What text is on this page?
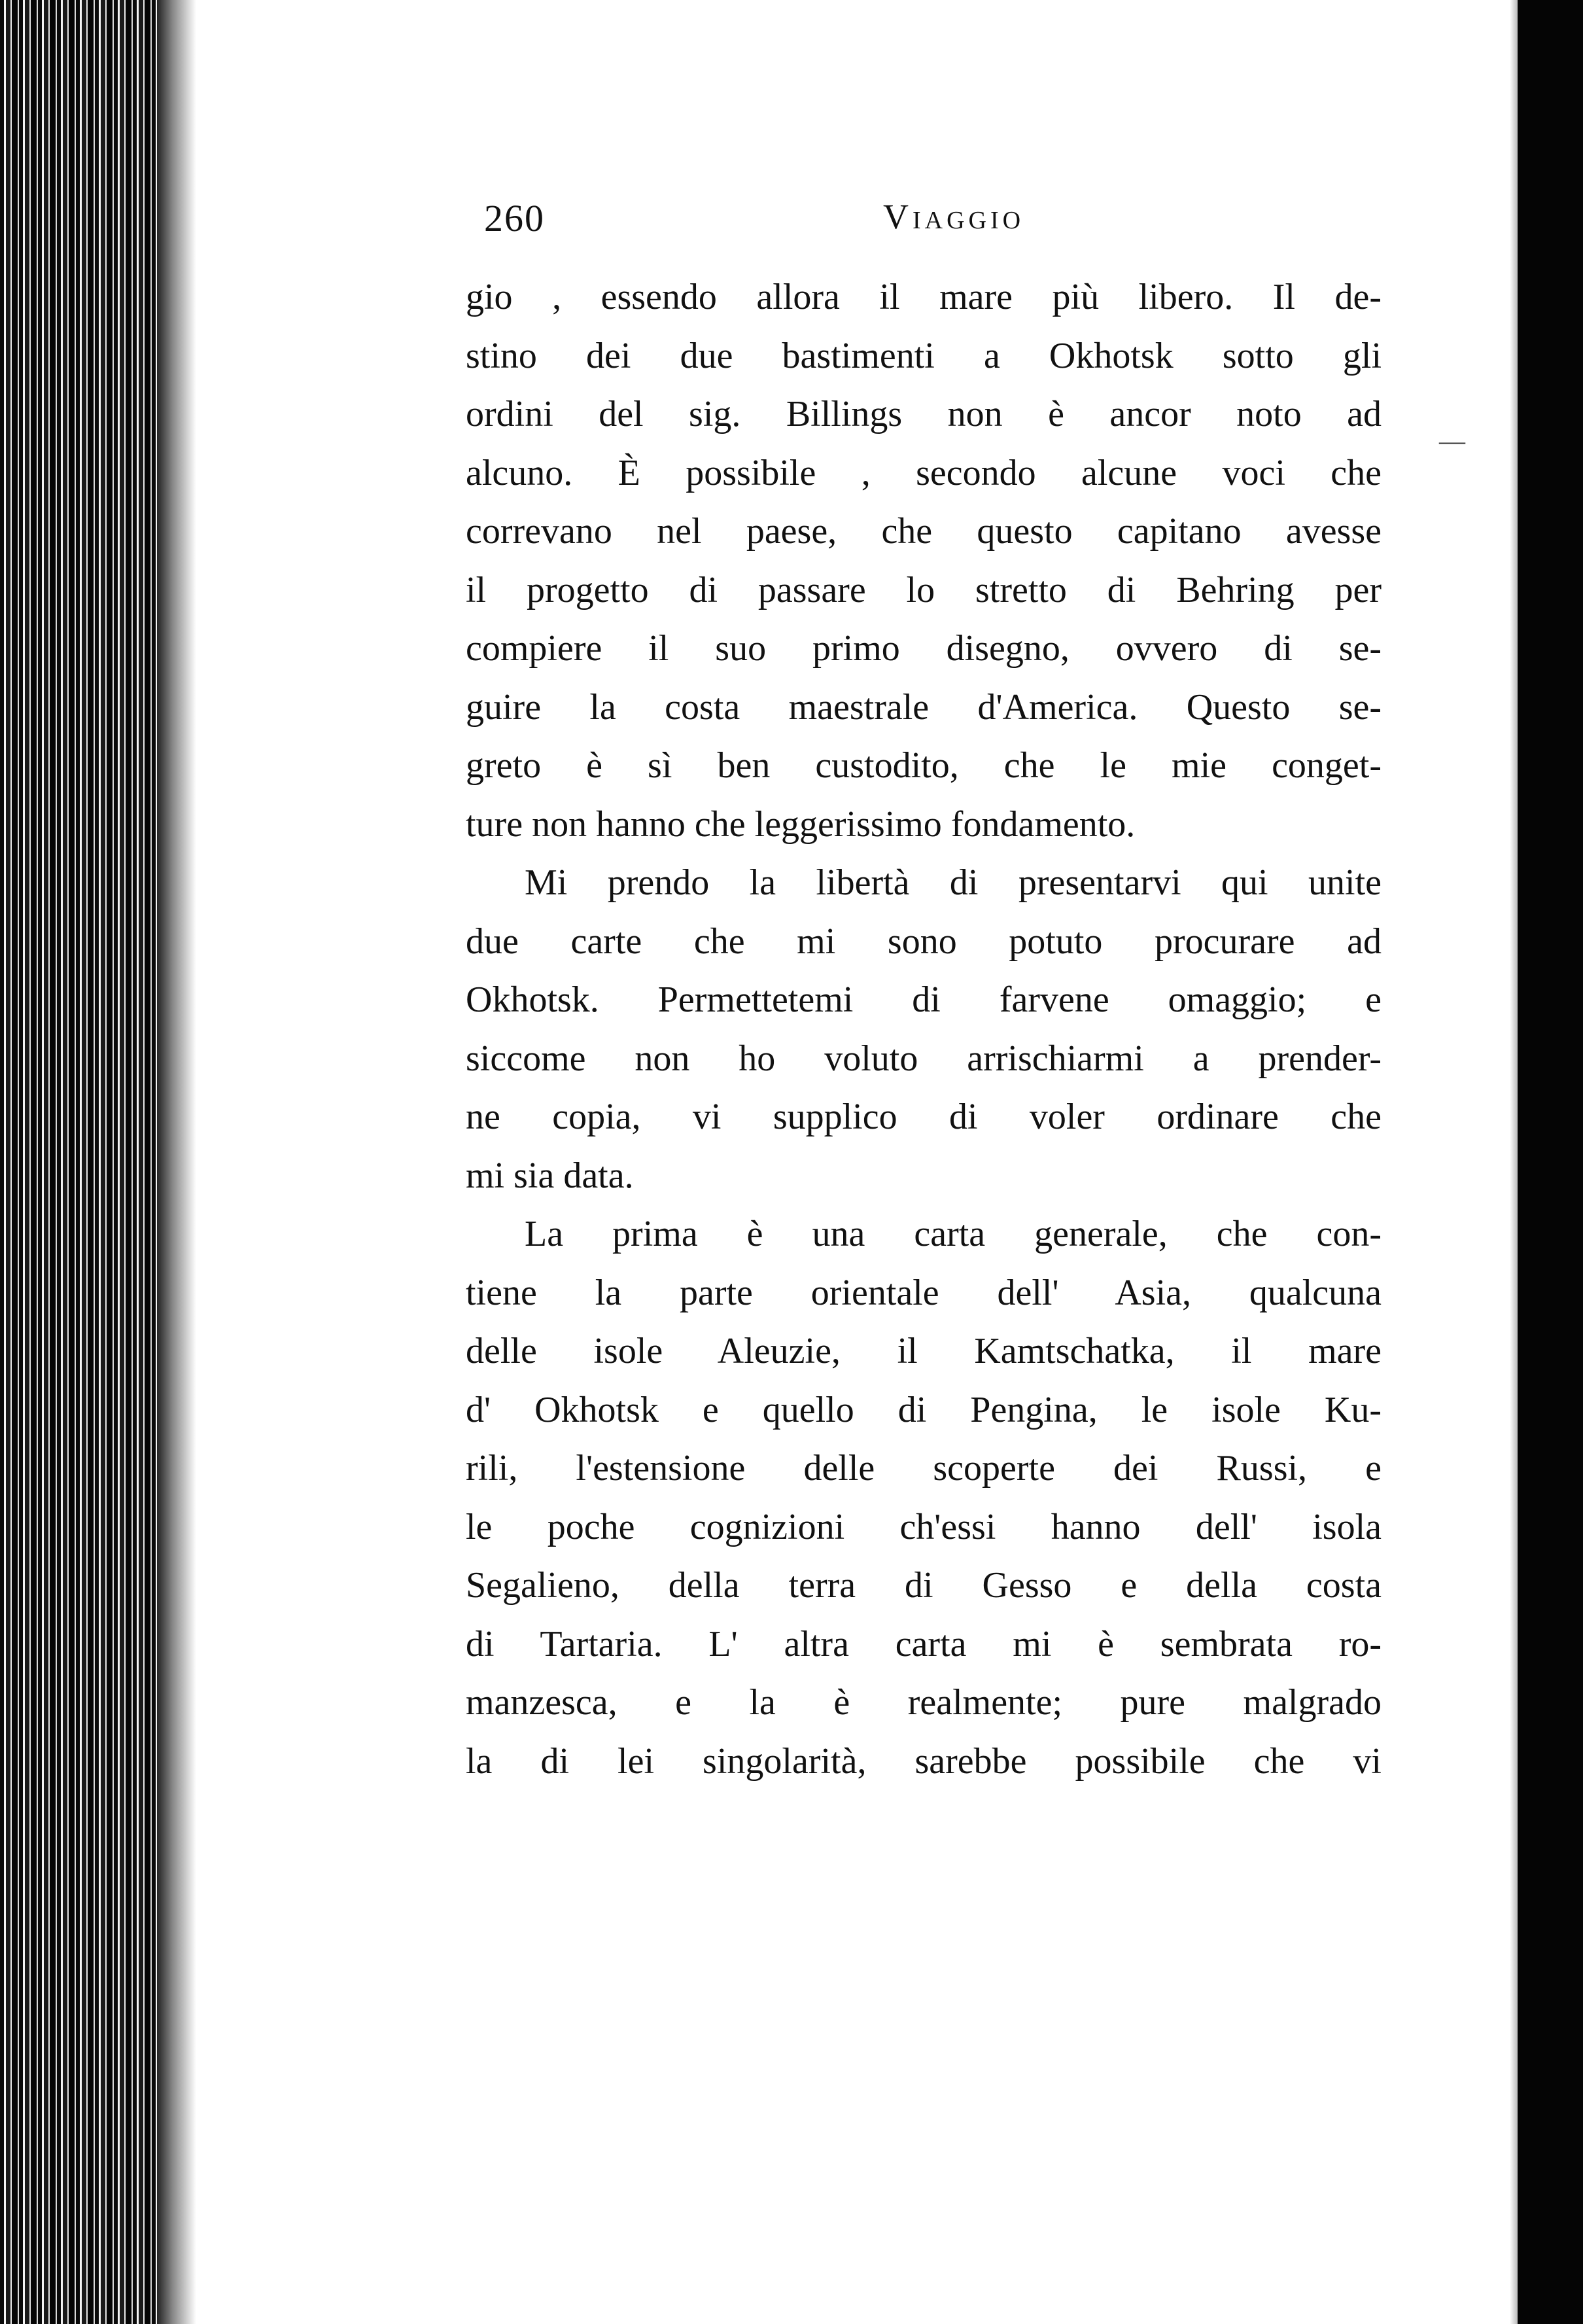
260	Viaggio
gio , essendo allora il mare più libero. Il de-
stino dei due bastimenti a Okhotsk sotto gli
ordini del sig. Billings non è ancor noto ad
alcuno. È possibile , secondo alcune voci che
correvano nel paese, che questo capitano avesse
il progetto di passare lo stretto di Behring per
compiere il suo primo disegno, ovvero di se-
guire la costa maestrale d'America. Questo se-
greto è sì ben custodito, che le mie conget-
ture non hanno che leggerissimo fondamento.
Mi prendo la libertà di presentarvi qui unite
due carte che mi sono potuto procurare ad
Okhotsk. Permettetemi di farvene omaggio; e
siccome non ho voluto arrischiarmi a prender-
ne copia, vi supplico di voler ordinare che
mi sia data.
La prima è una carta generale, che con-
tiene la parte orientale dell' Asia, qualcuna
delle isole Aleuzie, il Kamtschatka, il mare
d' Okhotsk e quello di Pengina, le isole Ku-
rili, l'estensione delle scoperte dei Russi, e
le poche cognizioni ch'essi hanno dell' isola
Segalieno, della terra di Gesso e della costa
di Tartaria. L' altra carta mi è sembrata ro-
manzesca, e la è realmente; pure malgrado
la di lei singolarità, sarebbe possibile che vi
—
